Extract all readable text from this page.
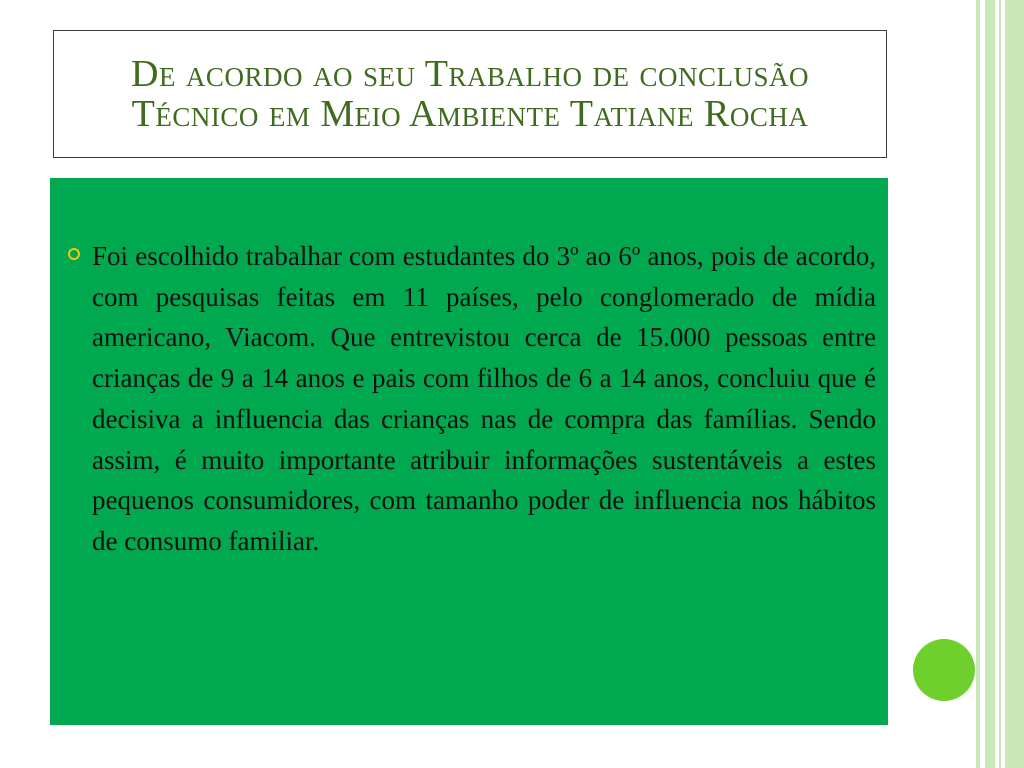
De acordo ao seu Trabalho de conclusão
Técnico em Meio Ambiente Tatiane Rocha

Foi escolhido trabalhar com estudantes do 3º ao 6º anos, pois de acordo, com pesquisas feitas em 11 países, pelo conglomerado de mídia americano, Viacom. Que entrevistou cerca de 15.000 pessoas entre crianças de 9 a 14 anos e pais com filhos de 6 a 14 anos, concluiu que é decisiva a influencia das crianças nas de compra das famílias. Sendo assim, é muito importante atribuir informações sustentáveis a estes pequenos consumidores, com tamanho poder de influencia nos hábitos de consumo familiar.
